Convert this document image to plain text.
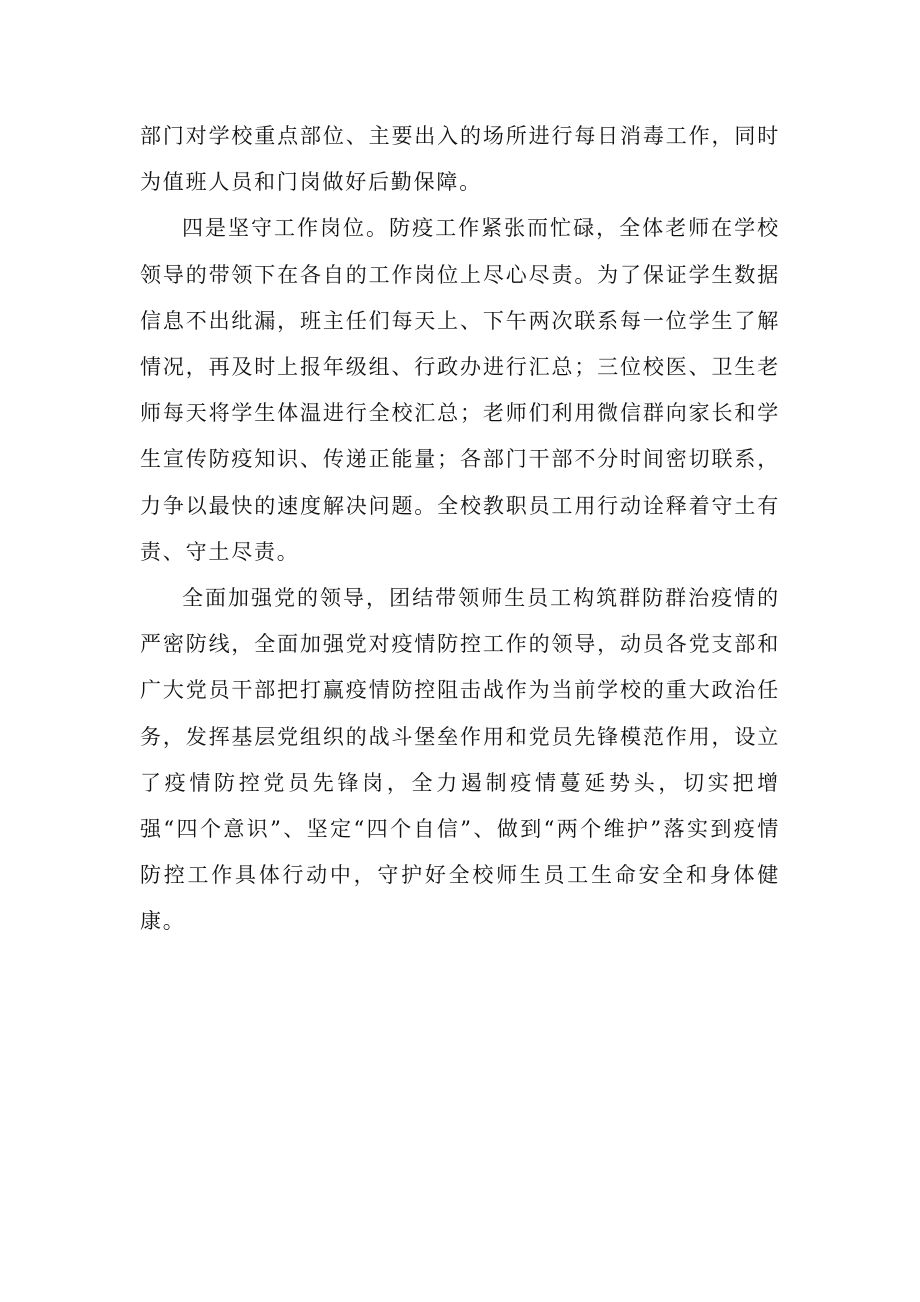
部门对学校重点部位、主要出入的场所进行每日消毒工作，同时为值班人员和门岗做好后勤保障。

四是坚守工作岗位。防疫工作紧张而忙碌，全体老师在学校领导的带领下在各自的工作岗位上尽心尽责。为了保证学生数据信息不出纰漏，班主任们每天上、下午两次联系每一位学生了解情况，再及时上报年级组、行政办进行汇总；三位校医、卫生老师每天将学生体温进行全校汇总；老师们利用微信群向家长和学生宣传防疫知识、传递正能量；各部门干部不分时间密切联系，力争以最快的速度解决问题。全校教职员工用行动诠释着守土有责、守土尽责。

全面加强党的领导，团结带领师生员工构筑群防群治疫情的严密防线，全面加强党对疫情防控工作的领导，动员各党支部和广大党员干部把打赢疫情防控阻击战作为当前学校的重大政治任务，发挥基层党组织的战斗堡垒作用和党员先锋模范作用，设立了疫情防控党员先锋岗，全力遏制疫情蔓延势头，切实把增强“四个意识”、坚定“四个自信”、做到“两个维护”落实到疫情防控工作具体行动中，守护好全校师生员工生命安全和身体健康。
